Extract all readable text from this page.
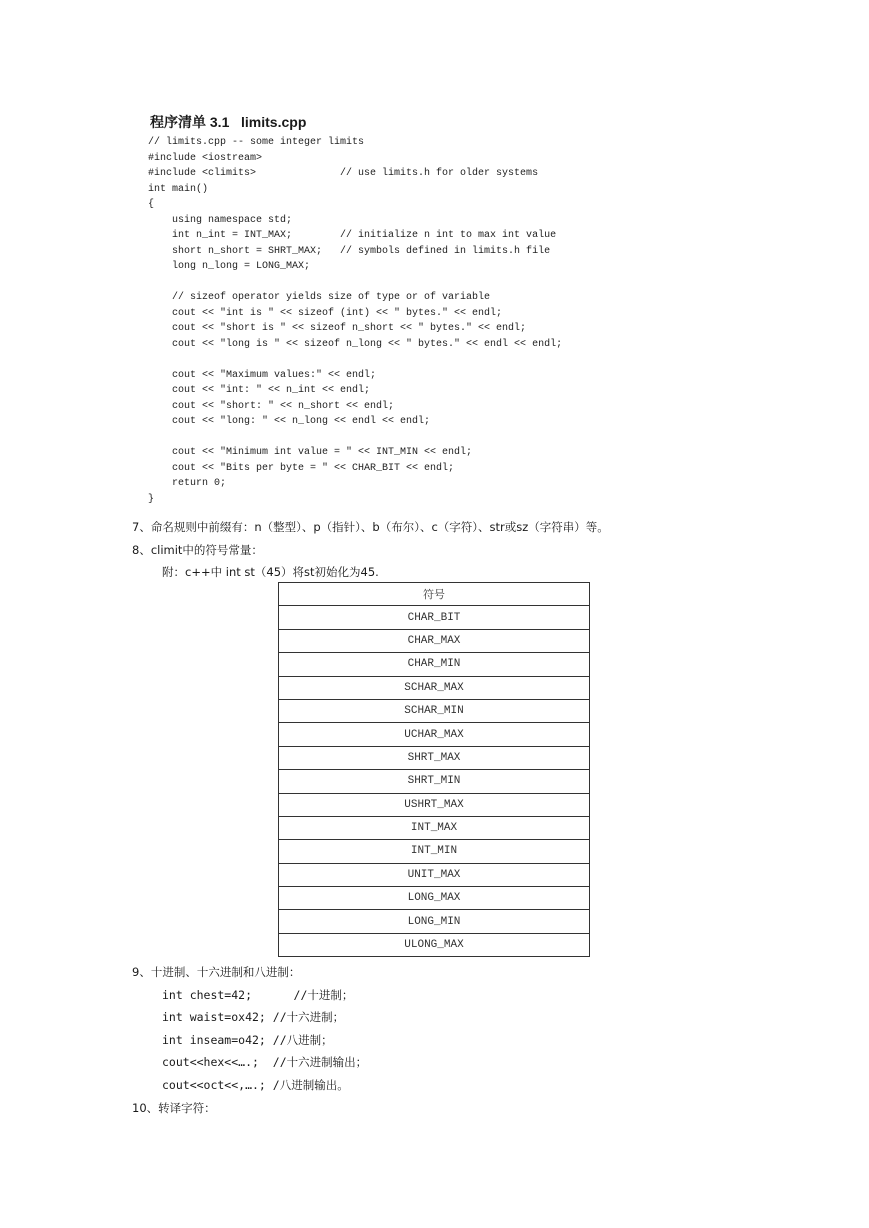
程序清单 3.1   limits.cpp
// limits.cpp -- some integer limits
#include <iostream>
#include <climits>              // use limits.h for older systems
int main()
{
using namespace std;
int n_int = INT_MAX;        // initialize n int to max int value
short n_short = SHRT_MAX;   // symbols defined in limits.h file
long n_long = LONG_MAX;
// sizeof operator yields size of type or of variable
cout << "int is " << sizeof (int) << " bytes." << endl;
cout << "short is " << sizeof n_short << " bytes." << endl;
cout << "long is " << sizeof n_long << " bytes." << endl << endl;
cout << "Maximum values:" << endl;
cout << "int: " << n_int << endl;
cout << "short: " << n_short << endl;
cout << "long: " << n_long << endl << endl;
cout << "Minimum int value = " << INT_MIN << endl;
cout << "Bits per byte = " << CHAR_BIT << endl;
return 0;
}
7、命名规则中前缀有：n（整型）、p（指针）、b（布尔）、c（字符）、str或sz（字符串）等。
8、climit中的符号常量：
附：c++中 int st（45）将st初始化为45.
符号
CHAR_BIT
CHAR_MAX
CHAR_MIN
SCHAR_MAX
SCHAR_MIN
UCHAR_MAX
SHRT_MAX
SHRT_MIN
USHRT_MAX
INT_MAX
INT_MIN
UNIT_MAX
LONG_MAX
LONG_MIN
ULONG_MAX
9、十进制、十六进制和八进制：
int chest=42;      //十进制；
int waist=ox42; //十六进制；
int inseam=o42; //八进制；
cout<<hex<<….;  //十六进制输出；
cout<<oct<<,….; /八进制输出。
10、转译字符：
